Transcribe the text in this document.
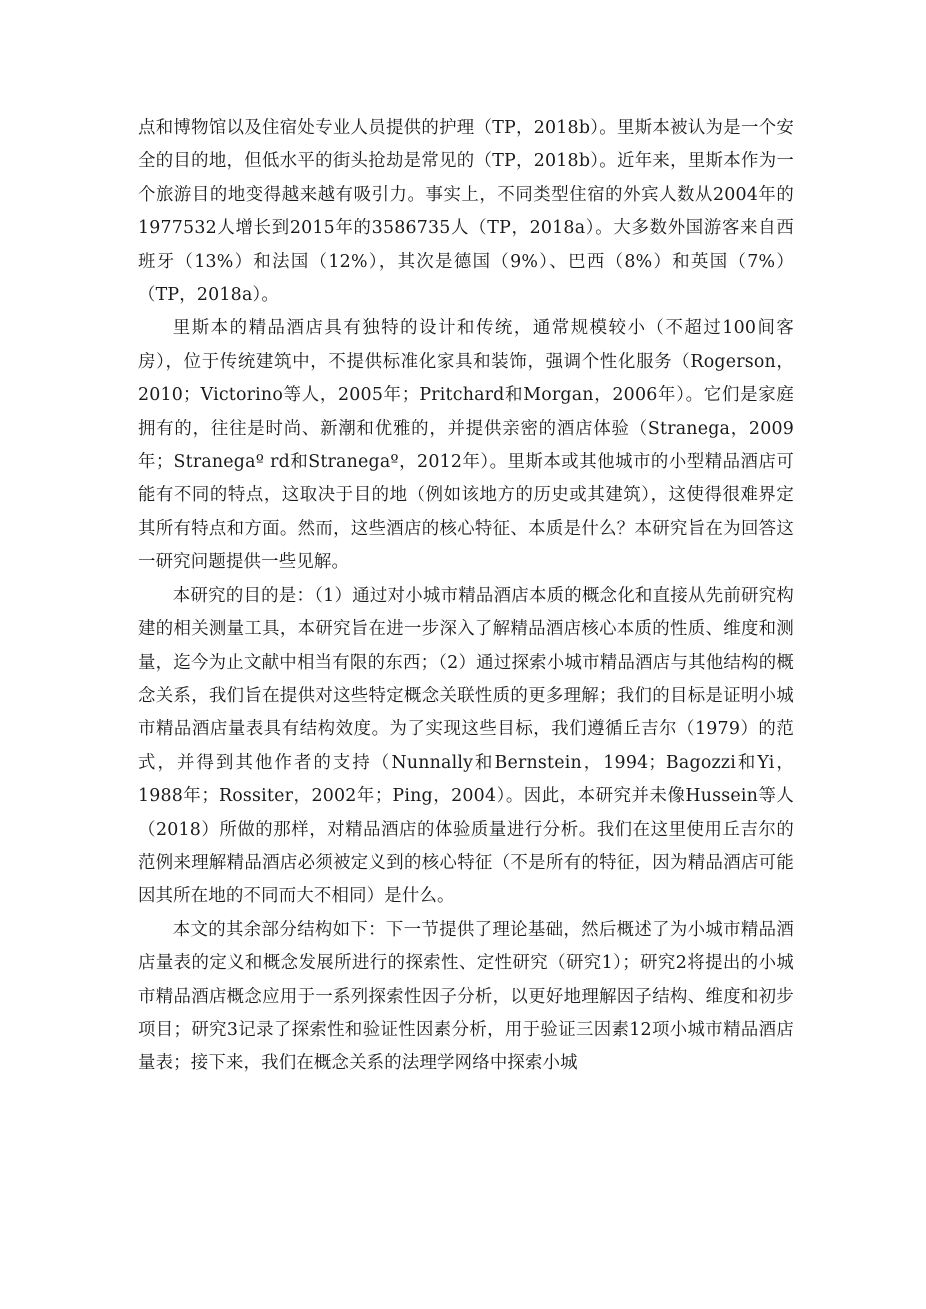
点和博物馆以及住宿处专业人员提供的护理（TP，2018b）。里斯本被认为是一个安全的目的地，但低水平的街头抢劫是常见的（TP，2018b）。近年来，里斯本作为一个旅游目的地变得越来越有吸引力。事实上，不同类型住宿的外宾人数从2004年的1977532人增长到2015年的3586735人（TP，2018a）。大多数外国游客来自西班牙（13%）和法国（12%），其次是德国（9%）、巴西（8%）和英国（7%）（TP，2018a）。

里斯本的精品酒店具有独特的设计和传统，通常规模较小（不超过100间客房），位于传统建筑中，不提供标准化家具和装饰，强调个性化服务（Rogerson，2010；Victorino等人，2005年；Pritchard和Morgan，2006年）。它们是家庭拥有的，往往是时尚、新潮和优雅的，并提供亲密的酒店体验（Stranega，2009年；Stranegaº rd和Stranegaº，2012年）。里斯本或其他城市的小型精品酒店可能有不同的特点，这取决于目的地（例如该地方的历史或其建筑），这使得很难界定其所有特点和方面。然而，这些酒店的核心特征、本质是什么？本研究旨在为回答这一研究问题提供一些见解。

本研究的目的是：（1）通过对小城市精品酒店本质的概念化和直接从先前研究构建的相关测量工具，本研究旨在进一步深入了解精品酒店核心本质的性质、维度和测量，迄今为止文献中相当有限的东西；（2）通过探索小城市精品酒店与其他结构的概念关系，我们旨在提供对这些特定概念关联性质的更多理解；我们的目标是证明小城市精品酒店量表具有结构效度。为了实现这些目标，我们遵循丘吉尔（1979）的范式，并得到其他作者的支持（Nunnally和Bernstein，1994；Bagozzi和Yi，1988年；Rossiter，2002年；Ping，2004）。因此，本研究并未像Hussein等人（2018）所做的那样，对精品酒店的体验质量进行分析。我们在这里使用丘吉尔的范例来理解精品酒店必须被定义到的核心特征（不是所有的特征，因为精品酒店可能因其所在地的不同而大不相同）是什么。

本文的其余部分结构如下：下一节提供了理论基础，然后概述了为小城市精品酒店量表的定义和概念发展所进行的探索性、定性研究（研究1）；研究2将提出的小城市精品酒店概念应用于一系列探索性因子分析，以更好地理解因子结构、维度和初步项目；研究3记录了探索性和验证性因素分析，用于验证三因素12项小城市精品酒店量表；接下来，我们在概念关系的法理学网络中探索小城
